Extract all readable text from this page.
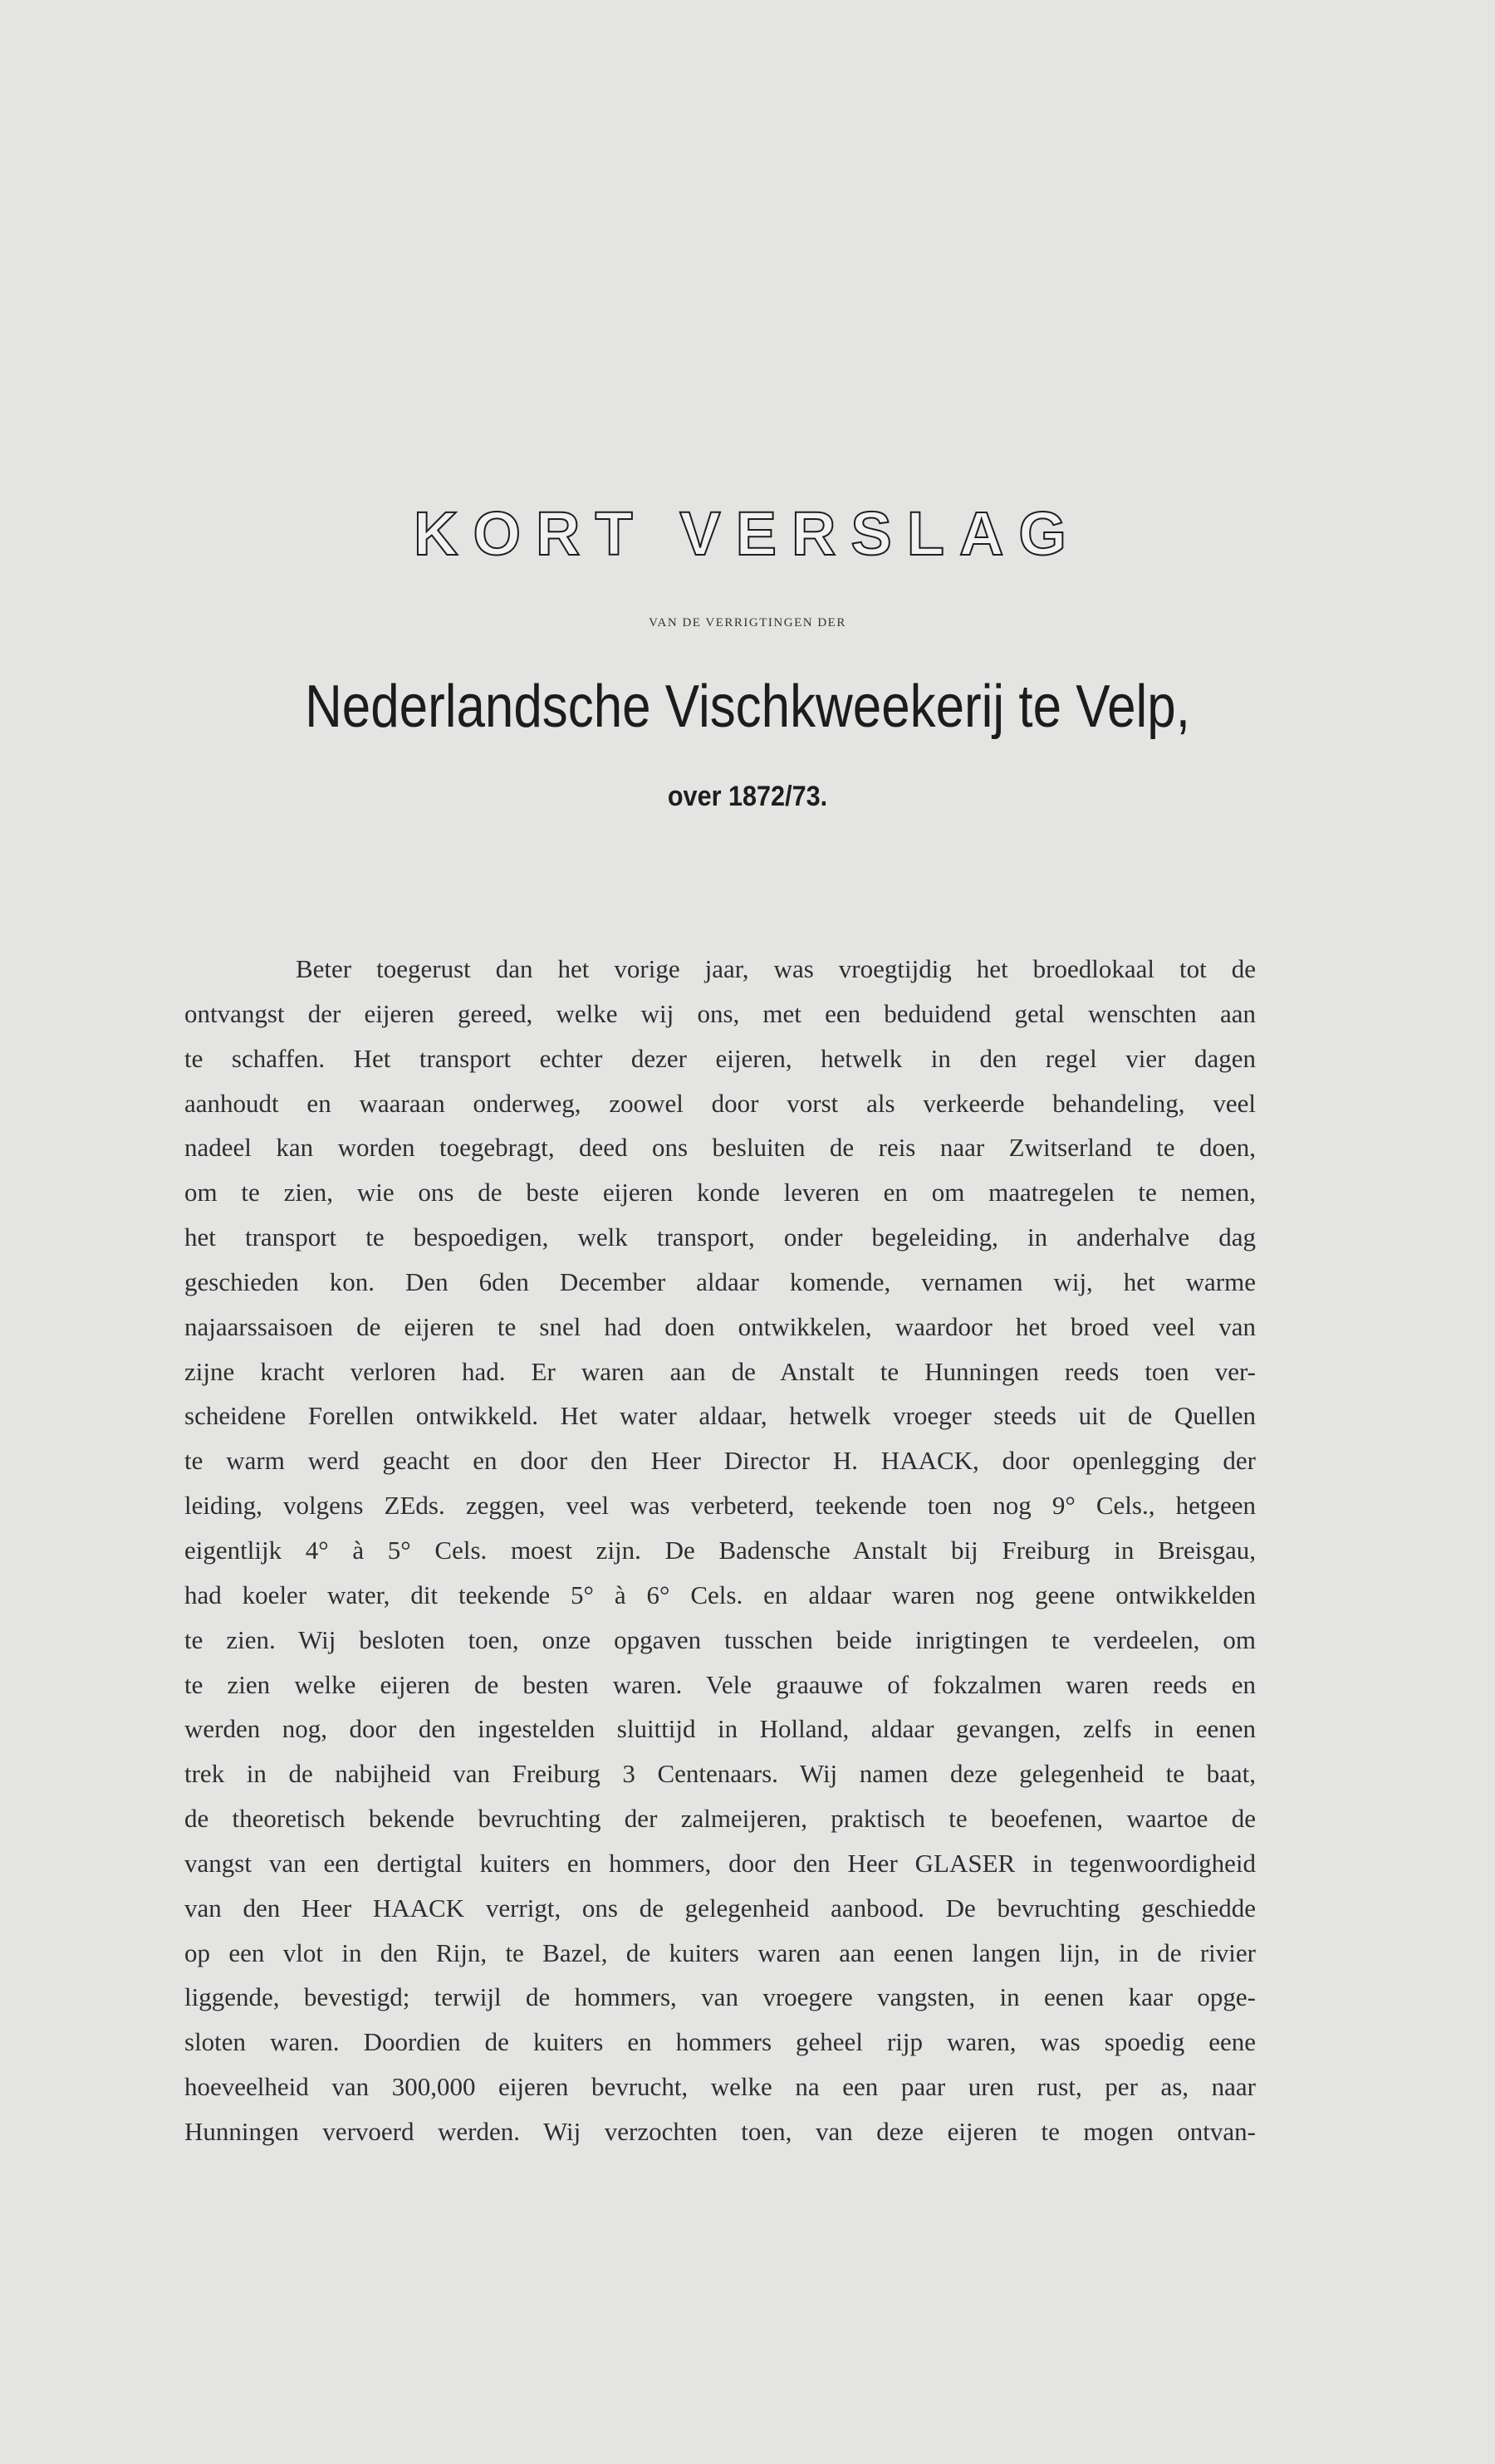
KORT VERSLAG
VAN DE VERRIGTINGEN DER
Nederlandsche Vischkweekerij te Velp,
over 1872/73.
Beter toegerust dan het vorige jaar, was vroegtijdig het broedlokaal tot de
ontvangst der eijeren gereed, welke wij ons, met een beduidend getal wenschten aan
te schaffen. Het transport echter dezer eijeren, hetwelk in den regel vier dagen
aanhoudt en waaraan onderweg, zoowel door vorst als verkeerde behandeling, veel
nadeel kan worden toegebragt, deed ons besluiten de reis naar Zwitserland te doen,
om te zien, wie ons de beste eijeren konde leveren en om maatregelen te nemen,
het transport te bespoedigen, welk transport, onder begeleiding, in anderhalve dag
geschieden kon. Den 6den December aldaar komende, vernamen wij, het warme
najaarssaisoen de eijeren te snel had doen ontwikkelen, waardoor het broed veel van
zijne kracht verloren had. Er waren aan de Anstalt te Hunningen reeds toen ver-
scheidene Forellen ontwikkeld. Het water aldaar, hetwelk vroeger steeds uit de Quellen
te warm werd geacht en door den Heer Director H. HAACK, door openlegging der
leiding, volgens ZEds. zeggen, veel was verbeterd, teekende toen nog 9° Cels., hetgeen
eigentlijk 4° à 5° Cels. moest zijn. De Badensche Anstalt bij Freiburg in Breisgau,
had koeler water, dit teekende 5° à 6° Cels. en aldaar waren nog geene ontwikkelden
te zien. Wij besloten toen, onze opgaven tusschen beide inrigtingen te verdeelen, om
te zien welke eijeren de besten waren. Vele graauwe of fokzalmen waren reeds en
werden nog, door den ingestelden sluittijd in Holland, aldaar gevangen, zelfs in eenen
trek in de nabijheid van Freiburg 3 Centenaars. Wij namen deze gelegenheid te baat,
de theoretisch bekende bevruchting der zalmeijeren, praktisch te beoefenen, waartoe de
vangst van een dertigtal kuiters en hommers, door den Heer GLASER in tegenwoordigheid
van den Heer HAACK verrigt, ons de gelegenheid aanbood. De bevruchting geschiedde
op een vlot in den Rijn, te Bazel, de kuiters waren aan eenen langen lijn, in de rivier
liggende, bevestigd; terwijl de hommers, van vroegere vangsten, in eenen kaar opge-
sloten waren. Doordien de kuiters en hommers geheel rijp waren, was spoedig eene
hoeveelheid van 300,000 eijeren bevrucht, welke na een paar uren rust, per as, naar
Hunningen vervoerd werden. Wij verzochten toen, van deze eijeren te mogen ontvan-
